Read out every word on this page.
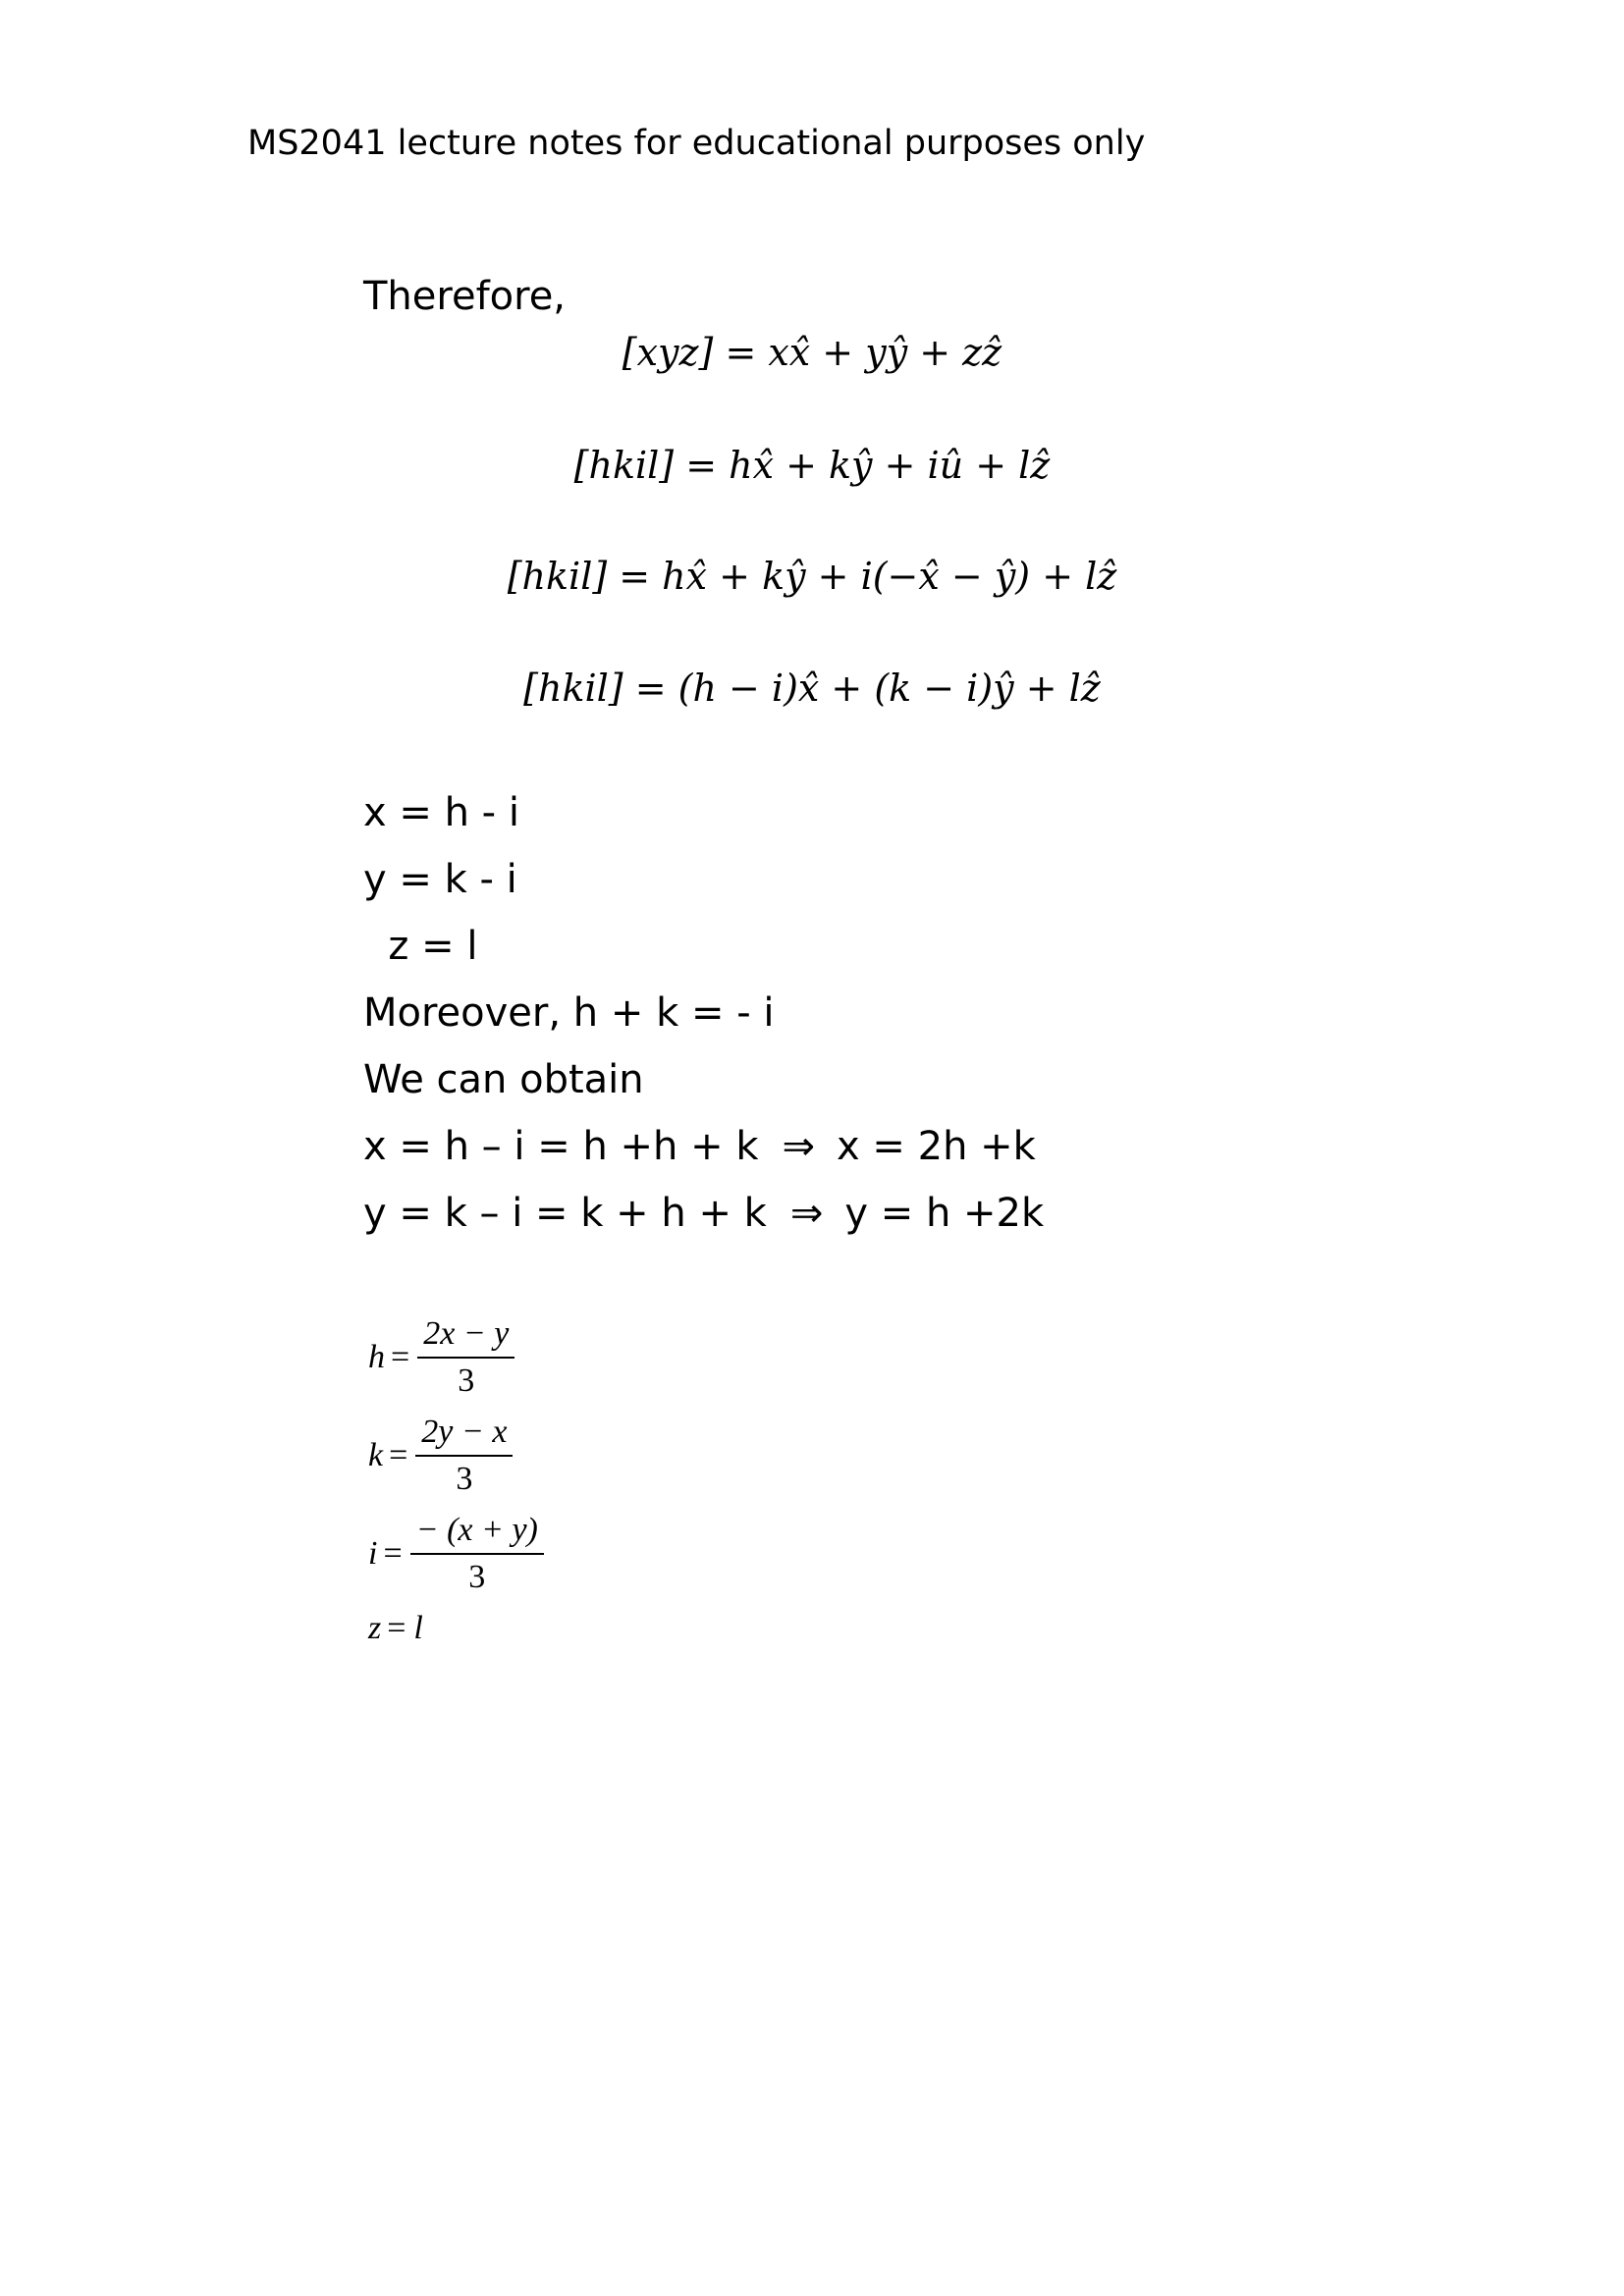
MS2041 lecture notes for educational purposes only
Therefore,
[xyz] = xx̂ + yŷ + zẑ
[hkil] = hx̂ + kŷ + iû + lẑ
[hkil] = hx̂ + kŷ + i(−x̂ − ŷ) + lẑ
[hkil] = (h − i)x̂ + (k − i)ŷ + lẑ
x = h - i
y = k - i
z = l
Moreover, h + k = - i
We can obtain
x = h – i = h +h + k ⇒ x = 2h +k
y = k – i = k + h + k ⇒ y = h +2k
$h = \frac{2x - y}{3}$
$k = \frac{2y - x}{3}$
$i = \frac{- (x + y)}{3}$
z = l
